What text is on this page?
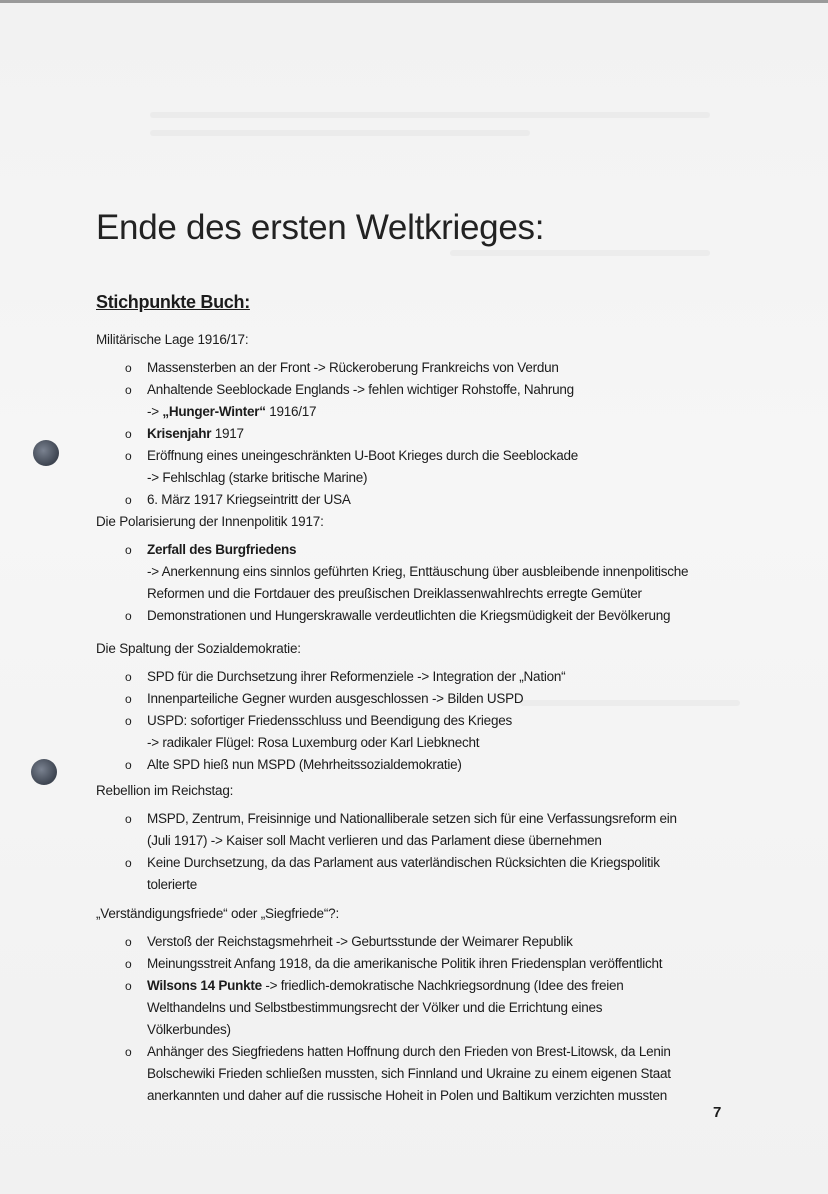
Ende des ersten Weltkrieges:
Stichpunkte Buch:
Militärische Lage 1916/17:
o Massensterben an der Front -> Rückeroberung Frankreichs von Verdun
o Anhaltende Seeblockade Englands -> fehlen wichtiger Rohstoffe, Nahrung
-> „Hunger-Winter“ 1916/17
o Krisenjahr 1917
o Eröffnung eines uneingeschränkten U-Boot Krieges durch die Seeblockade
-> Fehlschlag (starke britische Marine)
o 6. März 1917 Kriegseintritt der USA
Die Polarisierung der Innenpolitik 1917:
o Zerfall des Burgfriedens
-> Anerkennung eins sinnlos geführten Krieg, Enttäuschung über ausbleibende innenpolitische
Reformen und die Fortdauer des preußischen Dreiklassenwahlrechts erregte Gemüter
o Demonstrationen und Hungerskrawalle verdeutlichten die Kriegsmüdigkeit der Bevölkerung
Die Spaltung der Sozialdemokratie:
o SPD für die Durchsetzung ihrer Reformenziele -> Integration der „Nation“
o Innenparteiliche Gegner wurden ausgeschlossen -> Bilden USPD
o USPD: sofortiger Friedensschluss und Beendigung des Krieges
-> radikaler Flügel: Rosa Luxemburg oder Karl Liebknecht
o Alte SPD hieß nun MSPD (Mehrheitssozialdemokratie)
Rebellion im Reichstag:
o MSPD, Zentrum, Freisinnige und Nationalliberale setzen sich für eine Verfassungsreform ein
(Juli 1917) -> Kaiser soll Macht verlieren und das Parlament diese übernehmen
o Keine Durchsetzung, da das Parlament aus vaterländischen Rücksichten die Kriegspolitik
tolerierte
„Verständigungsfriede“ oder „Siegfriede“?:
o Verstoß der Reichstagsmehrheit -> Geburtsstunde der Weimarer Republik
o Meinungsstreit Anfang 1918, da die amerikanische Politik ihren Friedensplan veröffentlicht
o Wilsons 14 Punkte -> friedlich-demokratische Nachkriegsordnung (Idee des freien
Welthandelns und Selbstbestimmungsrecht der Völker und die Errichtung eines
Völkerbundes)
o Anhänger des Siegfriedens hatten Hoffnung durch den Frieden von Brest-Litowsk, da Lenin
Bolschewiki Frieden schließen mussten, sich Finnland und Ukraine zu einem eigenen Staat
anerkannten und daher auf die russische Hoheit in Polen und Baltikum verzichten mussten
7
